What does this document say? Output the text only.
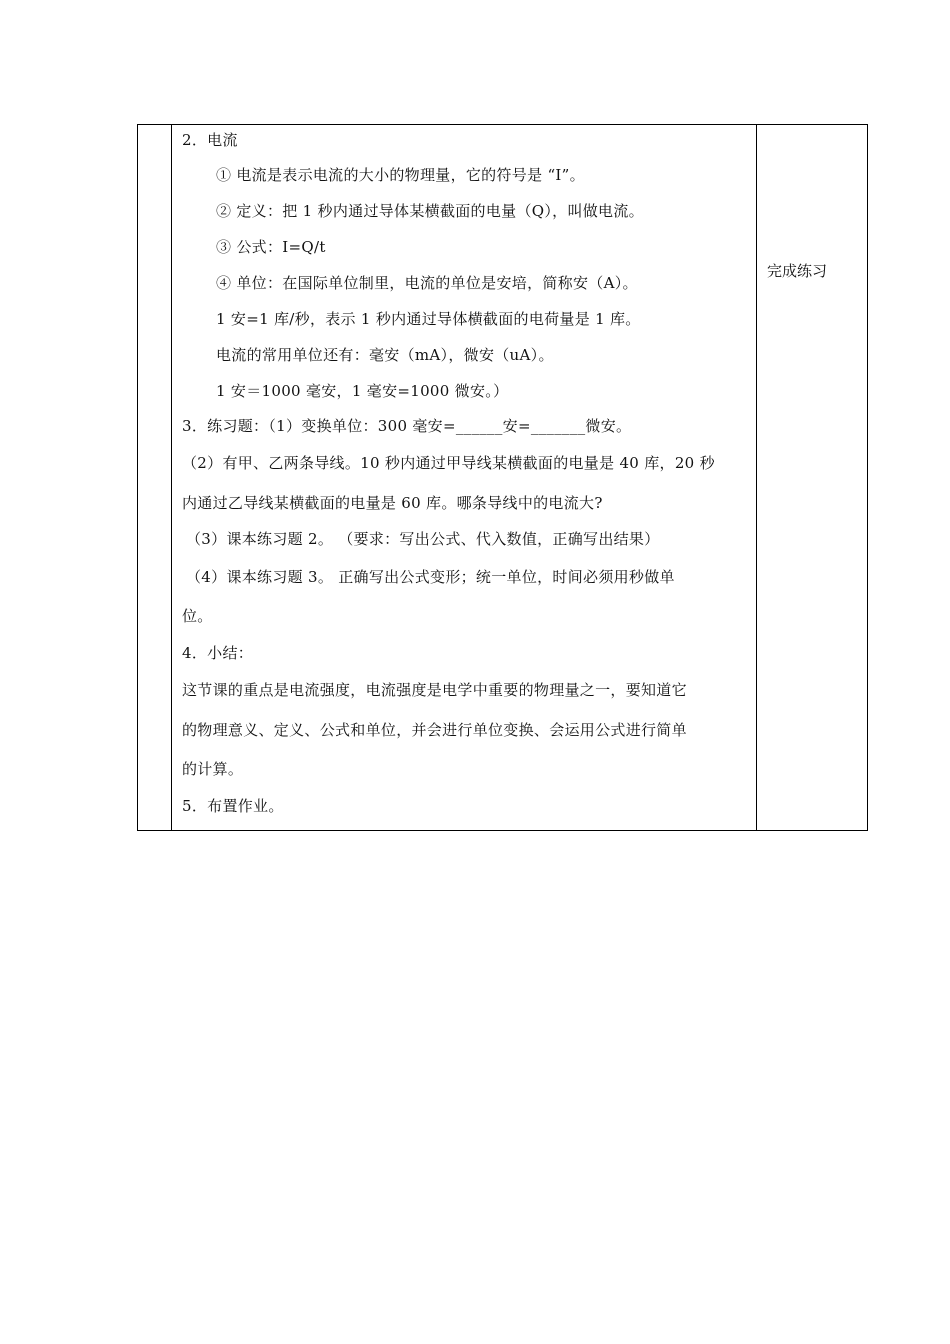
2．电流
① 电流是表示电流的大小的物理量，它的符号是 “I”。
② 定义：把 1 秒内通过导体某横截面的电量（Q），叫做电流。
③ 公式：I=Q/t
④ 单位：在国际单位制里，电流的单位是安培，简称安（A）。
1 安=1 库/秒，表示 1 秒内通过导体横截面的电荷量是 1 库。
电流的常用单位还有：毫安（mA），微安（uA）。
1 安＝1000 毫安，1 毫安=1000 微安。）
3．练习题：（1）变换单位：300 毫安=______安=_______微安。
（2）有甲、乙两条导线。10 秒内通过甲导线某横截面的电量是 40 库，20 秒
内通过乙导线某横截面的电量是 60 库。哪条导线中的电流大?
（3）课本练习题 2。 （要求：写出公式、代入数值，正确写出结果）
（4）课本练习题 3。 正确写出公式变形；统一单位，时间必须用秒做单
位。
4．小结：
这节课的重点是电流强度，电流强度是电学中重要的物理量之一，要知道它
的物理意义、定义、公式和单位，并会进行单位变换、会运用公式进行简单
的计算。
5．布置作业。
完成练习
